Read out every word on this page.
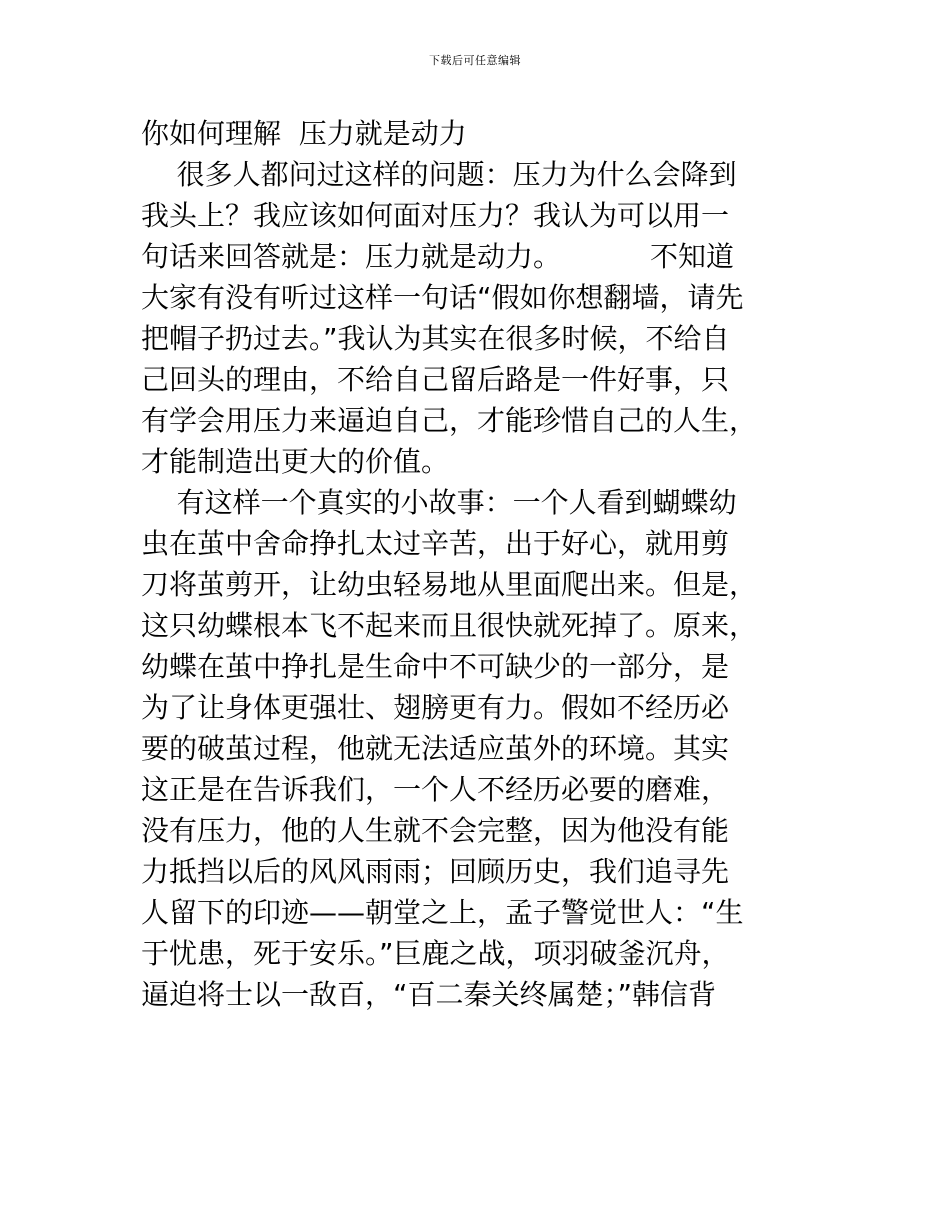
下载后可任意编辑
你如何理解  压力就是动力
很多人都问过这样的问题：压力为什么会降到
我头上？我应该如何面对压力？我认为可以用一
句话来回答就是：压力就是动力。          不知道
大家有没有听过这样一句话“假如你想翻墙，请先
把帽子扔过去。”我认为其实在很多时候，不给自
己回头的理由，不给自己留后路是一件好事，只
有学会用压力来逼迫自己，才能珍惜自己的人生，
才能制造出更大的价值。
有这样一个真实的小故事：一个人看到蝴蝶幼
虫在茧中舍命挣扎太过辛苦，出于好心，就用剪
刀将茧剪开，让幼虫轻易地从里面爬出来。但是，
这只幼蝶根本飞不起来而且很快就死掉了。原来，
幼蝶在茧中挣扎是生命中不可缺少的一部分，是
为了让身体更强壮、翅膀更有力。假如不经历必
要的破茧过程，他就无法适应茧外的环境。其实
这正是在告诉我们，一个人不经历必要的磨难，
没有压力，他的人生就不会完整，因为他没有能
力抵挡以后的风风雨雨；回顾历史，我们追寻先
人留下的印迹——朝堂之上，孟子警觉世人：“生
于忧患，死于安乐。”巨鹿之战，项羽破釜沉舟，
逼迫将士以一敌百，“百二秦关终属楚；”韩信背
